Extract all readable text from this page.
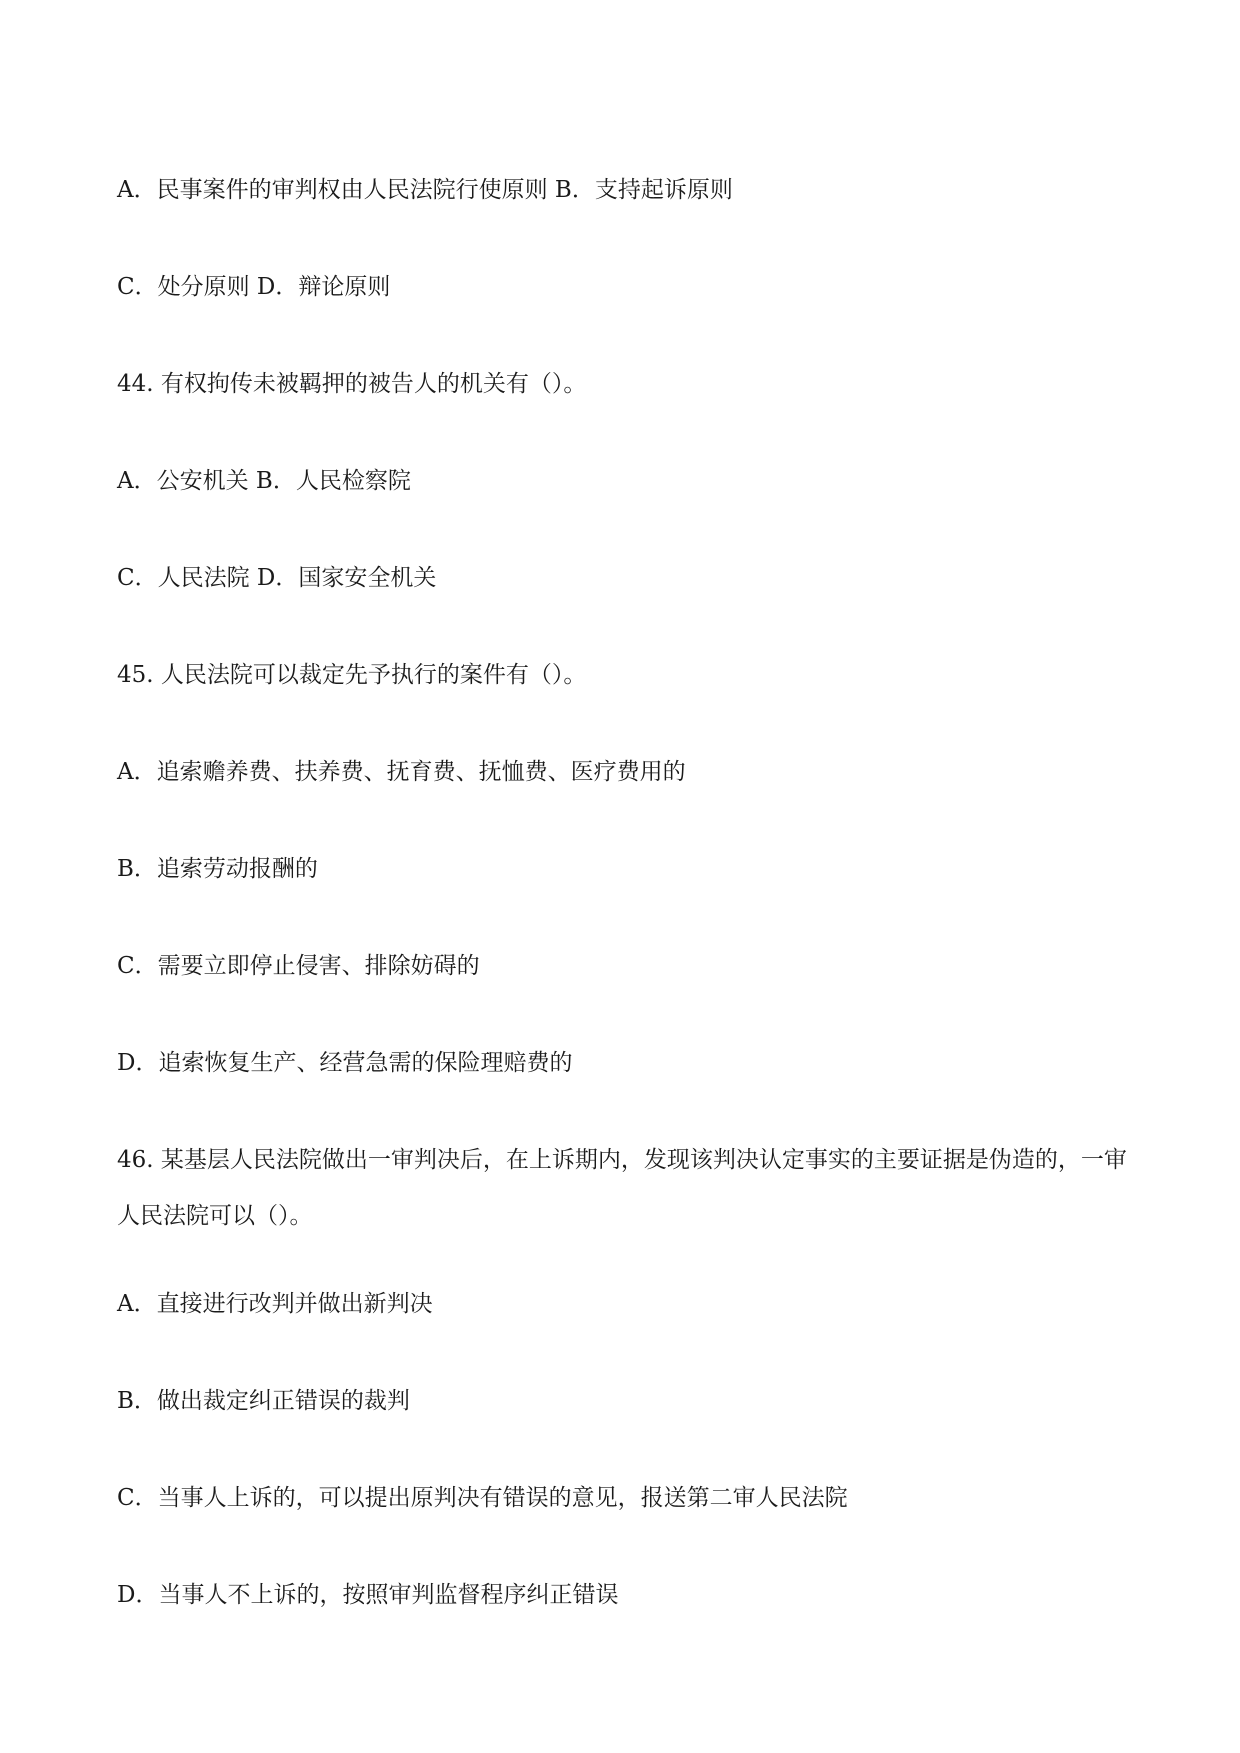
A．民事案件的审判权由人民法院行使原则 B．支持起诉原则
C．处分原则 D．辩论原则
44. 有权拘传未被羁押的被告人的机关有（）。
A．公安机关 B．人民检察院
C．人民法院 D．国家安全机关
45. 人民法院可以裁定先予执行的案件有（）。
A．追索赡养费、扶养费、抚育费、抚恤费、医疗费用的
B．追索劳动报酬的
C．需要立即停止侵害、排除妨碍的
D．追索恢复生产、经营急需的保险理赔费的
46. 某基层人民法院做出一审判决后，在上诉期内，发现该判决认定事实的主要证据是伪造的，一审人民法院可以（）。
A．直接进行改判并做出新判决
B．做出裁定纠正错误的裁判
C．当事人上诉的，可以提出原判决有错误的意见，报送第二审人民法院
D．当事人不上诉的，按照审判监督程序纠正错误
